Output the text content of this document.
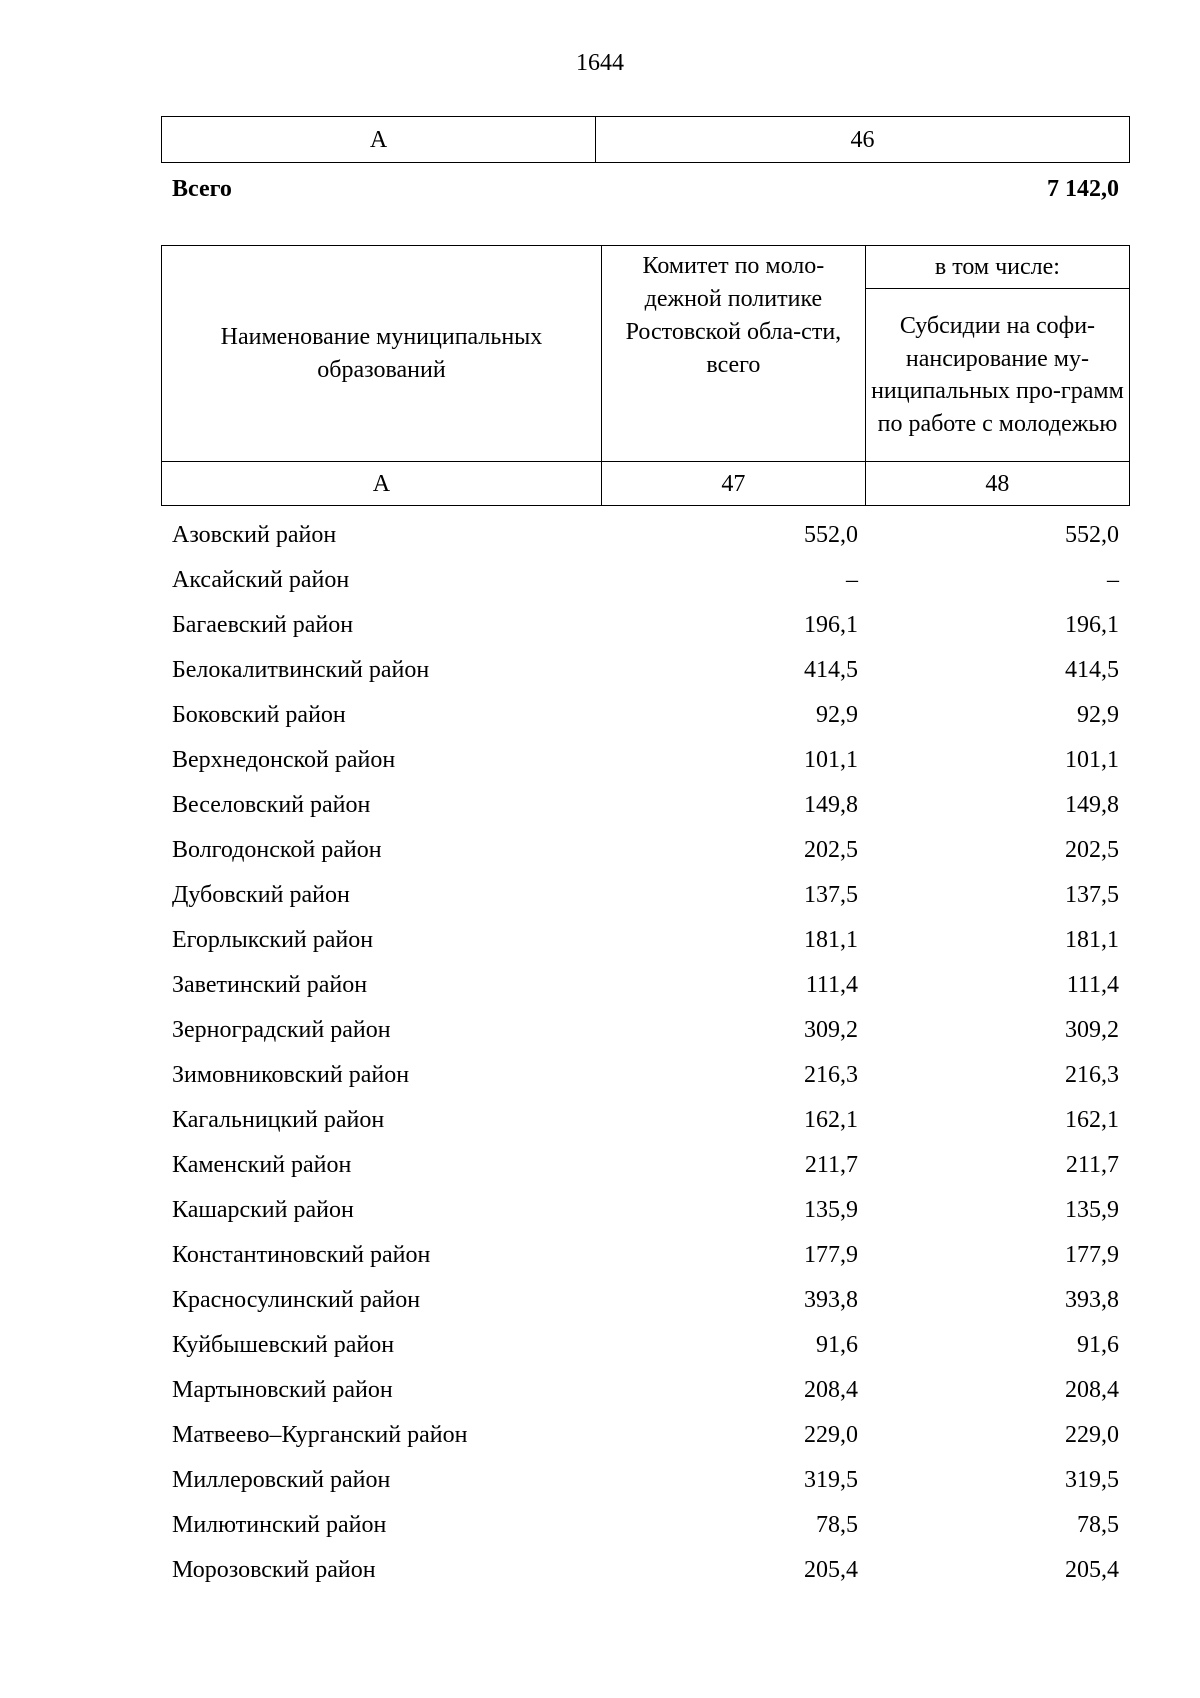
1644
А	46
Всего	7 142,0
Наименование муниципальных образований	Комитет по моло-дежной политике Ростовской обла-сти, всего	в том числе:
		Субсидии на софи-нансирование му-ниципальных про-грамм по работе с молодежью
А	47	48
Азовский район	552,0	552,0
Аксайский район	–	–
Багаевский район	196,1	196,1
Белокалитвинский район	414,5	414,5
Боковский район	92,9	92,9
Верхнедонской район	101,1	101,1
Веселовский район	149,8	149,8
Волгодонской район	202,5	202,5
Дубовский район	137,5	137,5
Егорлыкский район	181,1	181,1
Заветинский район	111,4	111,4
Зерноградский район	309,2	309,2
Зимовниковский район	216,3	216,3
Кагальницкий район	162,1	162,1
Каменский район	211,7	211,7
Кашарский район	135,9	135,9
Константиновский район	177,9	177,9
Красносулинский район	393,8	393,8
Куйбышевский район	91,6	91,6
Мартыновский район	208,4	208,4
Матвеево–Курганский район	229,0	229,0
Миллеровский район	319,5	319,5
Милютинский район	78,5	78,5
Морозовский район	205,4	205,4
